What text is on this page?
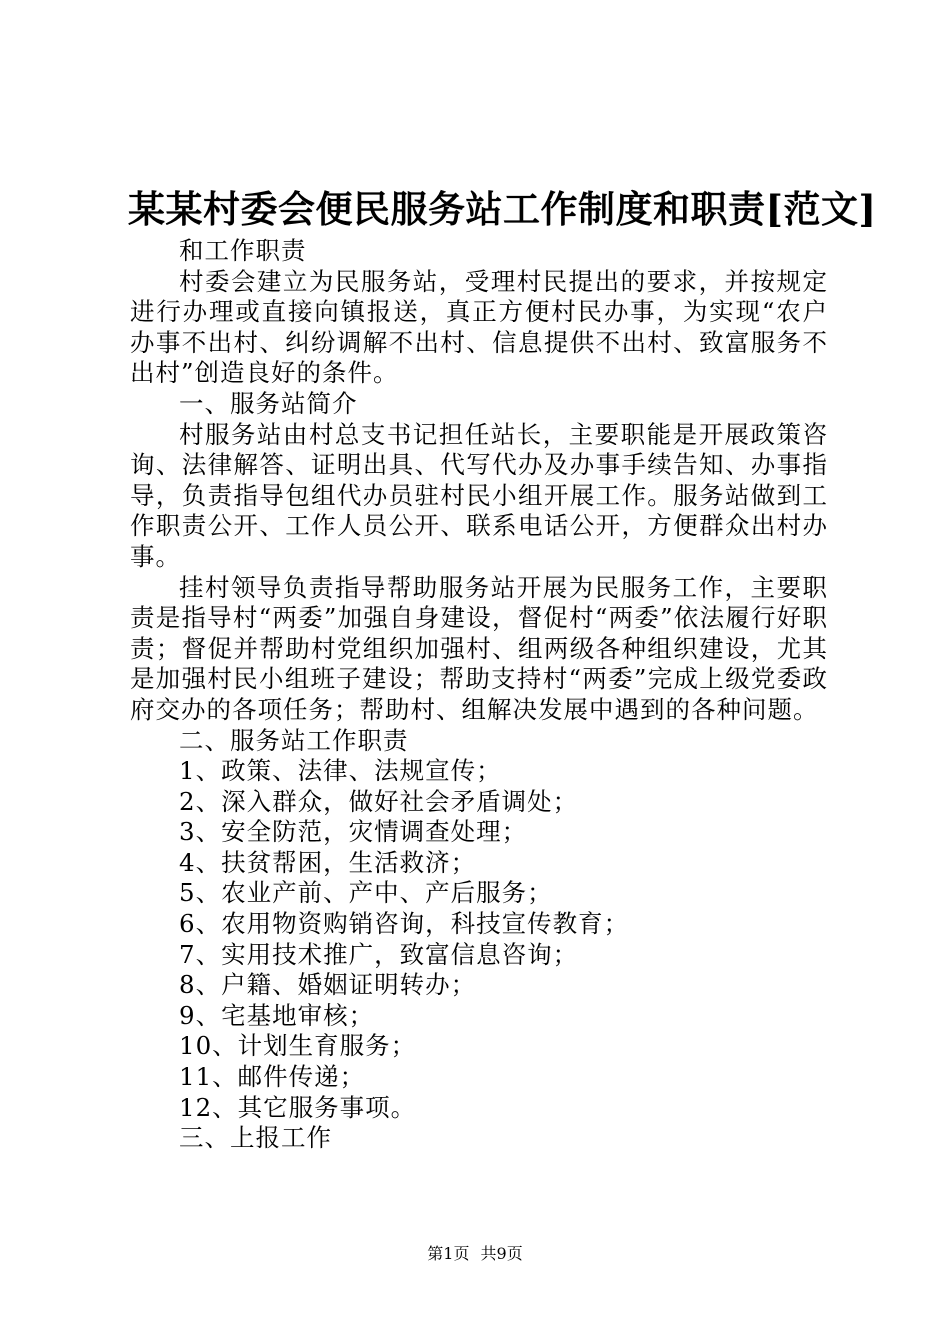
某某村委会便民服务站工作制度和职责[范文]

和工作职责

村委会建立为民服务站，受理村民提出的要求，并按规定进行办理或直接向镇报送，真正方便村民办事，为实现“农户办事不出村、纠纷调解不出村、信息提供不出村、致富服务不出村”创造良好的条件。

一、服务站简介

村服务站由村总支书记担任站长，主要职能是开展政策咨询、法律解答、证明出具、代写代办及办事手续告知、办事指导，负责指导包组代办员驻村民小组开展工作。服务站做到工作职责公开、工作人员公开、联系电话公开，方便群众出村办事。

挂村领导负责指导帮助服务站开展为民服务工作，主要职责是指导村“两委”加强自身建设，督促村“两委”依法履行好职责；督促并帮助村党组织加强村、组两级各种组织建设，尤其是加强村民小组班子建设；帮助支持村“两委”完成上级党委政府交办的各项任务；帮助村、组解决发展中遇到的各种问题。

二、服务站工作职责

1、政策、法律、法规宣传；

2、深入群众，做好社会矛盾调处；

3、安全防范，灾情调查处理；

4、扶贫帮困，生活救济；

5、农业产前、产中、产后服务；

6、农用物资购销咨询，科技宣传教育；

7、实用技术推广，致富信息咨询；

8、户籍、婚姻证明转办；

9、宅基地审核；

10、计划生育服务；

11、邮件传递；

12、其它服务事项。

三、上报工作

第1页 共9页
